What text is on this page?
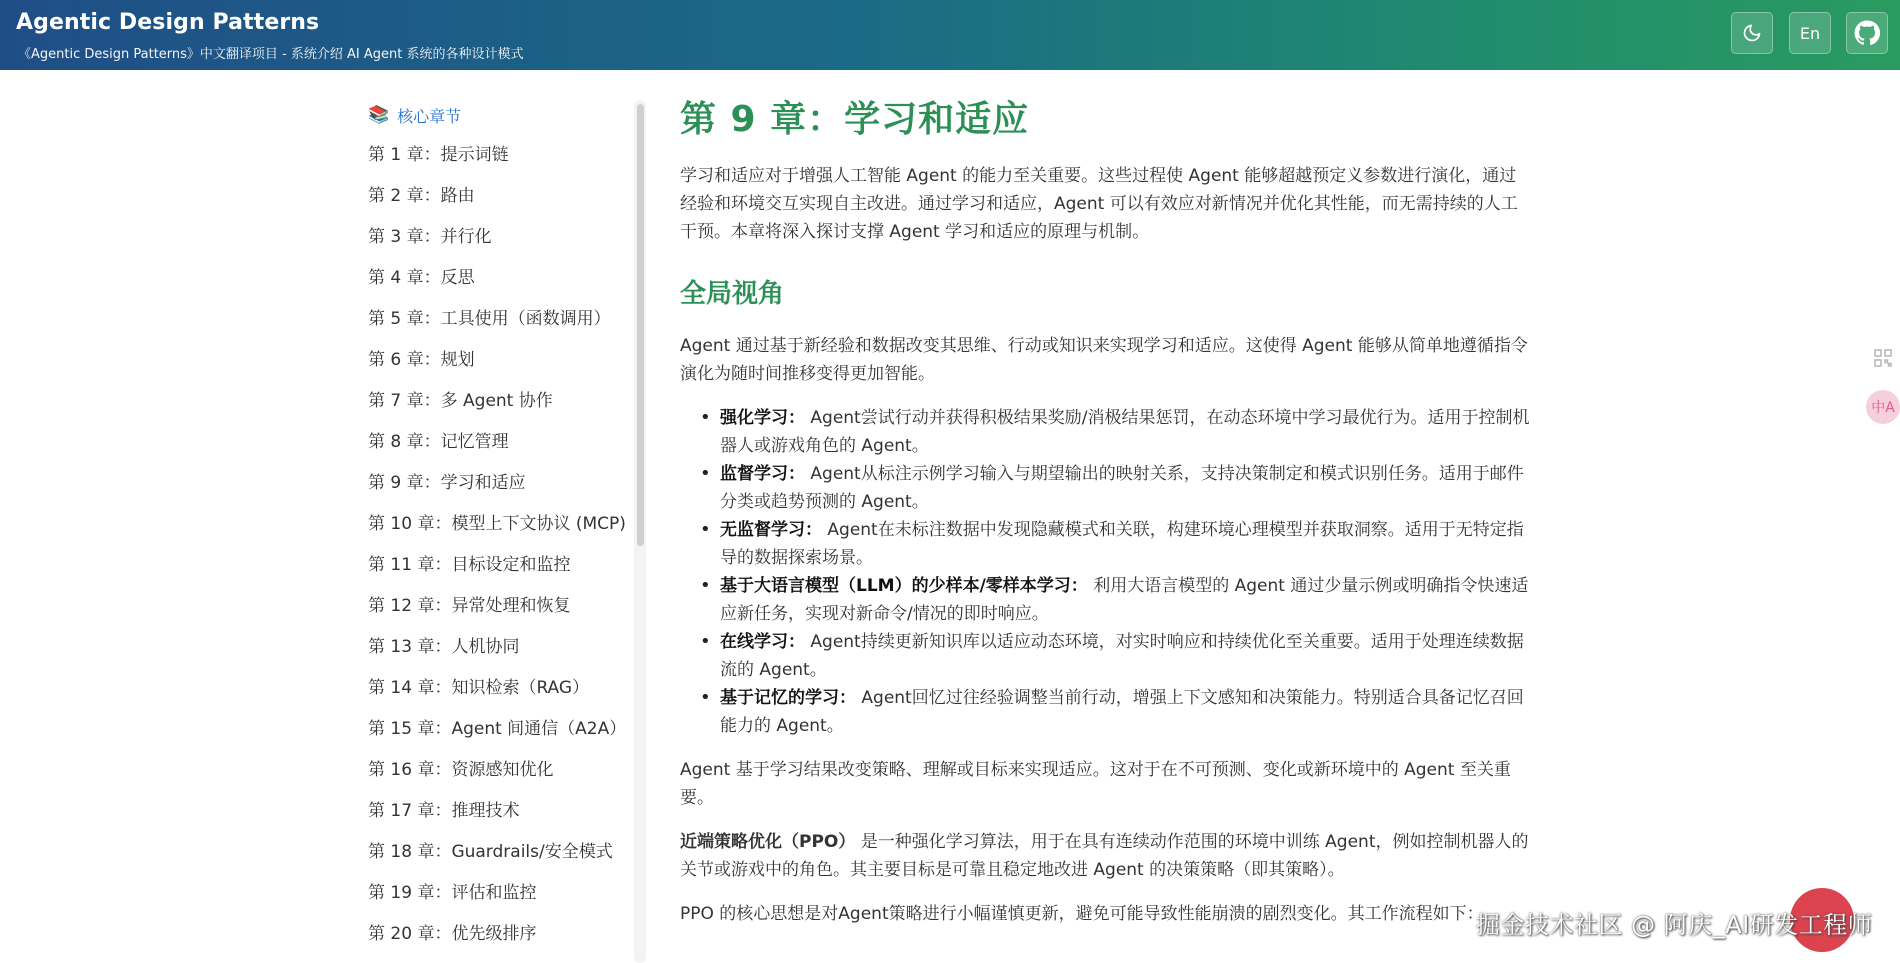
Agentic Design Patterns
《Agentic Design Patterns》中文翻译项目 - 系统介绍 AI Agent 系统的各种设计模式
En
📚 核心章节
第 1 章：提示词链
第 2 章：路由
第 3 章：并行化
第 4 章：反思
第 5 章：工具使用（函数调用）
第 6 章：规划
第 7 章：多 Agent 协作
第 8 章：记忆管理
第 9 章：学习和适应
第 10 章：模型上下文协议 (MCP)
第 11 章：目标设定和监控
第 12 章：异常处理和恢复
第 13 章：人机协同
第 14 章：知识检索（RAG）
第 15 章：Agent 间通信（A2A）
第 16 章：资源感知优化
第 17 章：推理技术
第 18 章：Guardrails/安全模式
第 19 章：评估和监控
第 20 章：优先级排序
第 9 章：学习和适应

学习和适应对于增强人工智能 Agent 的能力至关重要。这些过程使 Agent 能够超越预定义参数进行演化，通过经验和环境交互实现自主改进。通过学习和适应，Agent 可以有效应对新情况并优化其性能，而无需持续的人工干预。本章将深入探讨支撑 Agent 学习和适应的原理与机制。

全局视角

Agent 通过基于新经验和数据改变其思维、行动或知识来实现学习和适应。这使得 Agent 能够从简单地遵循指令演化为随时间推移变得更加智能。

• 强化学习： Agent尝试行动并获得积极结果奖励/消极结果惩罚，在动态环境中学习最优行为。适用于控制机器人或游戏角色的 Agent。
• 监督学习： Agent从标注示例学习输入与期望输出的映射关系，支持决策制定和模式识别任务。适用于邮件分类或趋势预测的 Agent。
• 无监督学习： Agent在未标注数据中发现隐藏模式和关联，构建环境心理模型并获取洞察。适用于无特定指导的数据探索场景。
• 基于大语言模型（LLM）的少样本/零样本学习： 利用大语言模型的 Agent 通过少量示例或明确指令快速适应新任务，实现对新命令/情况的即时响应。
• 在线学习： Agent持续更新知识库以适应动态环境，对实时响应和持续优化至关重要。适用于处理连续数据流的 Agent。
• 基于记忆的学习： Agent回忆过往经验调整当前行动，增强上下文感知和决策能力。特别适合具备记忆召回能力的 Agent。

Agent 基于学习结果改变策略、理解或目标来实现适应。这对于在不可预测、变化或新环境中的 Agent 至关重要。

近端策略优化（PPO） 是一种强化学习算法，用于在具有连续动作范围的环境中训练 Agent，例如控制机器人的关节或游戏中的角色。其主要目标是可靠且稳定地改进 Agent 的决策策略（即其策略）。

PPO 的核心思想是对Agent策略进行小幅谨慎更新，避免可能导致性能崩溃的剧烈变化。其工作流程如下：

中A
掘金技术社区 @ 阿庆_AI研发工程师
